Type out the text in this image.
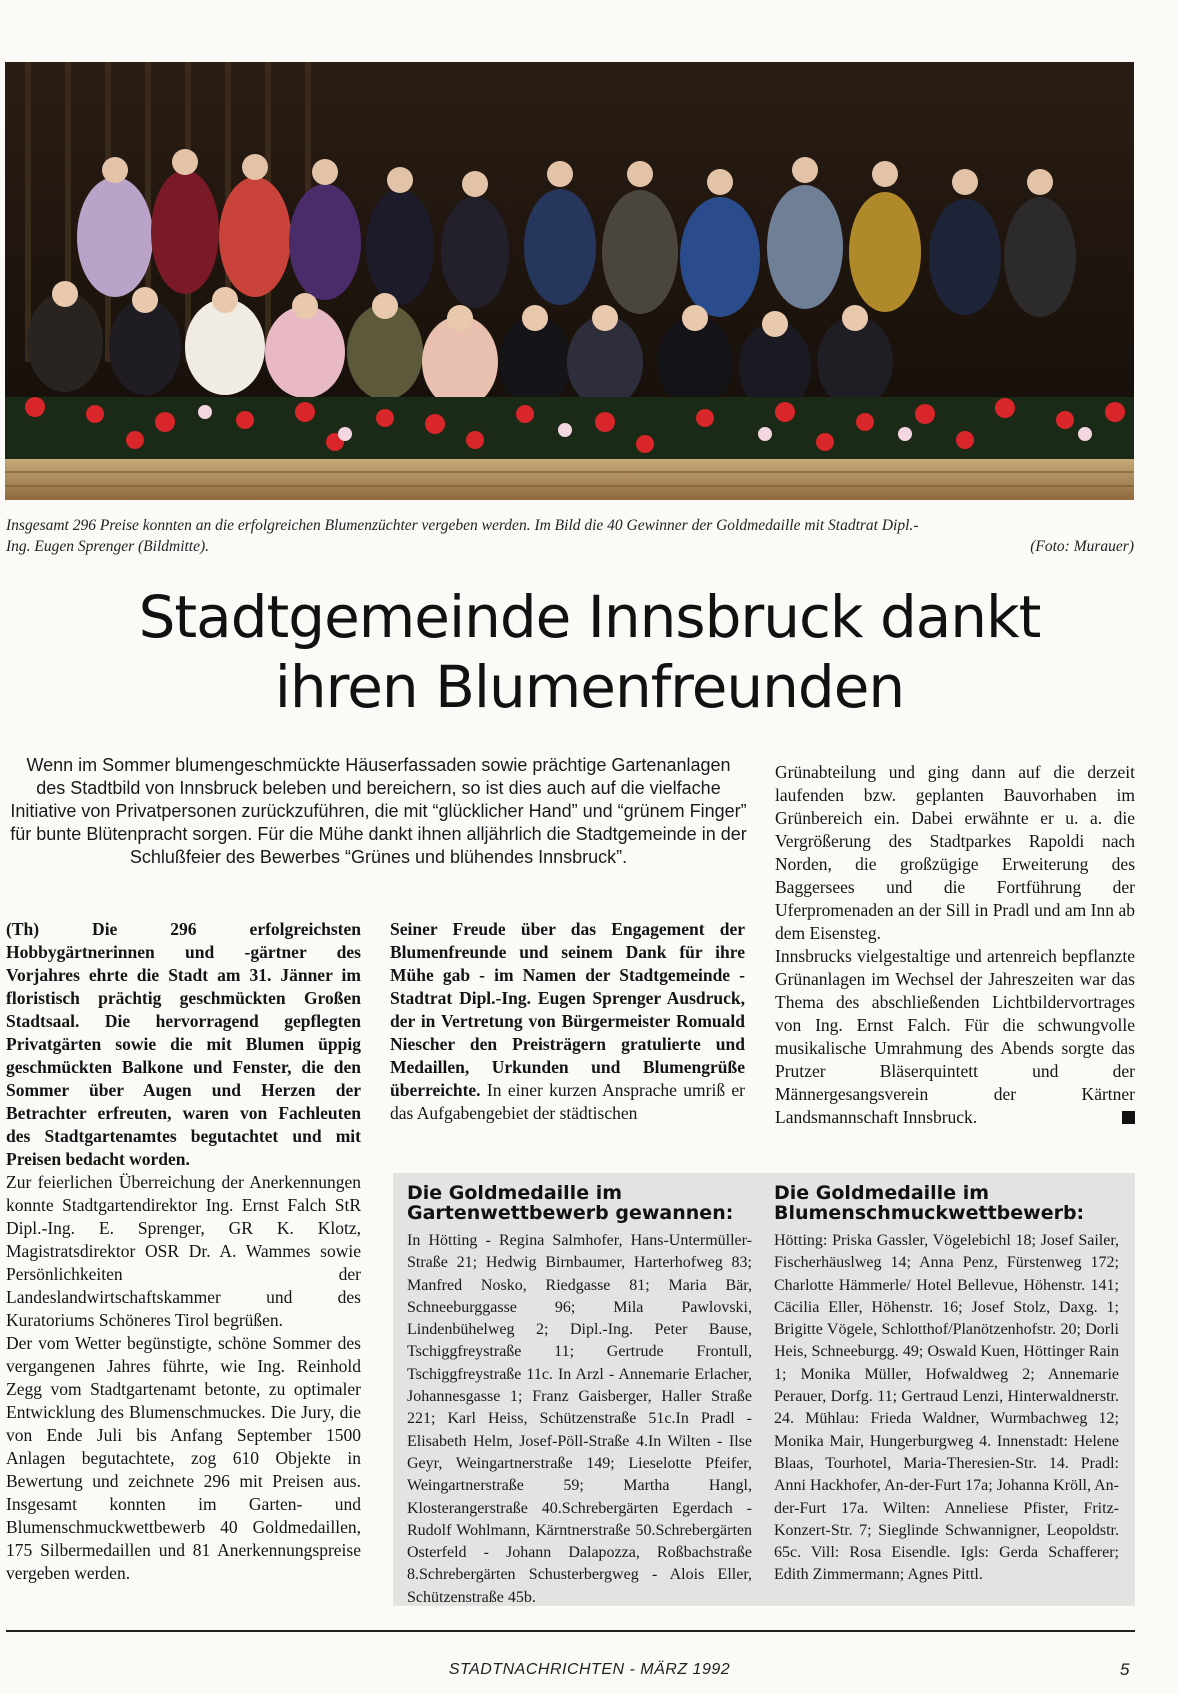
Insgesamt 296 Preise konnten an die erfolgreichen Blumenzüchter vergeben werden. Im Bild die 40 Gewinner der Goldmedaille mit Stadtrat Dipl.-
Ing. Eugen Sprenger (Bildmitte).	(Foto: Murauer)
Stadtgemeinde Innsbruck dankt
ihren Blumenfreunden
Wenn im Sommer blumengeschmückte Häuserfassaden sowie prächtige Gartenanlagen des Stadtbild von Innsbruck beleben und bereichern, so ist dies auch auf die vielfache Initiative von Privatpersonen zurückzuführen, die mit “glücklicher Hand” und “grünem Finger” für bunte Blütenpracht sorgen. Für die Mühe dankt ihnen alljährlich die Stadtgemeinde in der Schlußfeier des Bewerbes “Grünes und blühendes Innsbruck”.

(Th) Die 296 erfolgreichsten Hobbygärtnerinnen und -gärtner des Vorjahres ehrte die Stadt am 31. Jänner im floristisch prächtig geschmückten Großen Stadtsaal. Die hervorragend gepflegten Privatgärten sowie die mit Blumen üppig geschmückten Balkone und Fenster, die den Sommer über Augen und Herzen der Betrachter erfreuten, waren von Fachleuten des Stadtgartenamtes begutachtet und mit Preisen bedacht worden.

Zur feierlichen Überreichung der Anerkennungen konnte Stadtgartendirektor Ing. Ernst Falch StR Dipl.-Ing. E. Sprenger, GR K. Klotz, Magistratsdirektor OSR Dr. A. Wammes sowie Persönlichkeiten der Landeslandwirtschaftskammer und des Kuratoriums Schöneres Tirol begrüßen.

Der vom Wetter begünstigte, schöne Sommer des vergangenen Jahres führte, wie Ing. Reinhold Zegg vom Stadtgartenamt betonte, zu optimaler Entwicklung des Blumenschmuckes. Die Jury, die von Ende Juli bis Anfang September 1500 Anlagen begutachtete, zog 610 Objekte in Bewertung und zeichnete 296 mit Preisen aus. Insgesamt konnten im Garten- und Blumenschmuckwettbewerb 40 Goldmedaillen, 175 Silbermedaillen und 81 Anerkennungspreise vergeben werden.

Seiner Freude über das Engagement der Blumenfreunde und seinem Dank für ihre Mühe gab - im Namen der Stadtgemeinde - Stadtrat Dipl.-Ing. Eugen Sprenger Ausdruck, der in Vertretung von Bürgermeister Romuald Niescher den Preisträgern gratulierte und Medaillen, Urkunden und Blumengrüße überreichte. In einer kurzen Ansprache umriß er das Aufgabengebiet der städtischen

Grünabteilung und ging dann auf die derzeit laufenden bzw. geplanten Bauvorhaben im Grünbereich ein. Dabei erwähnte er u. a. die Vergrößerung des Stadtparkes Rapoldi nach Norden, die großzügige Erweiterung des Baggersees und die Fortführung der Uferpromenaden an der Sill in Pradl und am Inn ab dem Eisensteg.

Innsbrucks vielgestaltige und artenreich bepflanzte Grünanlagen im Wechsel der Jahreszeiten war das Thema des abschließenden Lichtbildervortrages von Ing. Ernst Falch. Für die schwungvolle musikalische Umrahmung des Abends sorgte das Prutzer Bläserquintett und der Männergesangsverein der Kärtner Landsmannschaft Innsbruck.

Die Goldmedaille im Gartenwettbewerb gewannen:
In Hötting - Regina Salmhofer, Hans-Untermüller-Straße 21; Hedwig Birnbaumer, Harterhofweg 83; Manfred Nosko, Riedgasse 81; Maria Bär, Schneeburggasse 96; Mila Pawlovski, Lindenbühelweg 2; Dipl.-Ing. Peter Bause, Tschiggfreystraße 11; Gertrude Frontull, Tschiggfreystraße 11c. In Arzl - Annemarie Erlacher, Johannesgasse 1; Franz Gaisberger, Haller Straße 221; Karl Heiss, Schützenstraße 51c.In Pradl - Elisabeth Helm, Josef-Pöll-Straße 4.In Wilten - Ilse Geyr, Weingartnerstraße 149; Lieselotte Pfeifer, Weingartnerstraße 59; Martha Hangl, Klosterangerstraße 40.Schrebergärten Egerdach - Rudolf Wohlmann, Kärntnerstraße 50.Schrebergärten Osterfeld - Johann Dalapozza, Roßbachstraße 8.Schrebergärten Schusterbergweg - Alois Eller, Schützenstraße 45b.
Die Goldmedaille im Blumenschmuckwettbewerb:
Hötting: Priska Gassler, Vögelebichl 18; Josef Sailer, Fischerhäuslweg 14; Anna Penz, Fürstenweg 172; Charlotte Hämmerle/ Hotel Bellevue, Höhenstr. 141; Cäcilia Eller, Höhenstr. 16; Josef Stolz, Daxg. 1; Brigitte Vögele, Schlotthof/Planötzenhofstr. 20; Dorli Heis, Schneeburgg. 49; Oswald Kuen, Höttinger Rain 1; Monika Müller, Hofwaldweg 2; Annemarie Perauer, Dorfg. 11; Gertraud Lenzi, Hinterwaldnerstr. 24. Mühlau: Frieda Waldner, Wurmbachweg 12; Monika Mair, Hungerburgweg 4. Innenstadt: Helene Blaas, Tourhotel, Maria-Theresien-Str. 14. Pradl: Anni Hackhofer, An-der-Furt 17a; Johanna Kröll, An-der-Furt 17a. Wilten: Anneliese Pfister, Fritz-Konzert-Str. 7; Sieglinde Schwannigner, Leopoldstr. 65c. Vill: Rosa Eisendle. Igls: Gerda Schafferer; Edith Zimmermann; Agnes Pittl.
STADTNACHRICHTEN - MÄRZ 1992	5
